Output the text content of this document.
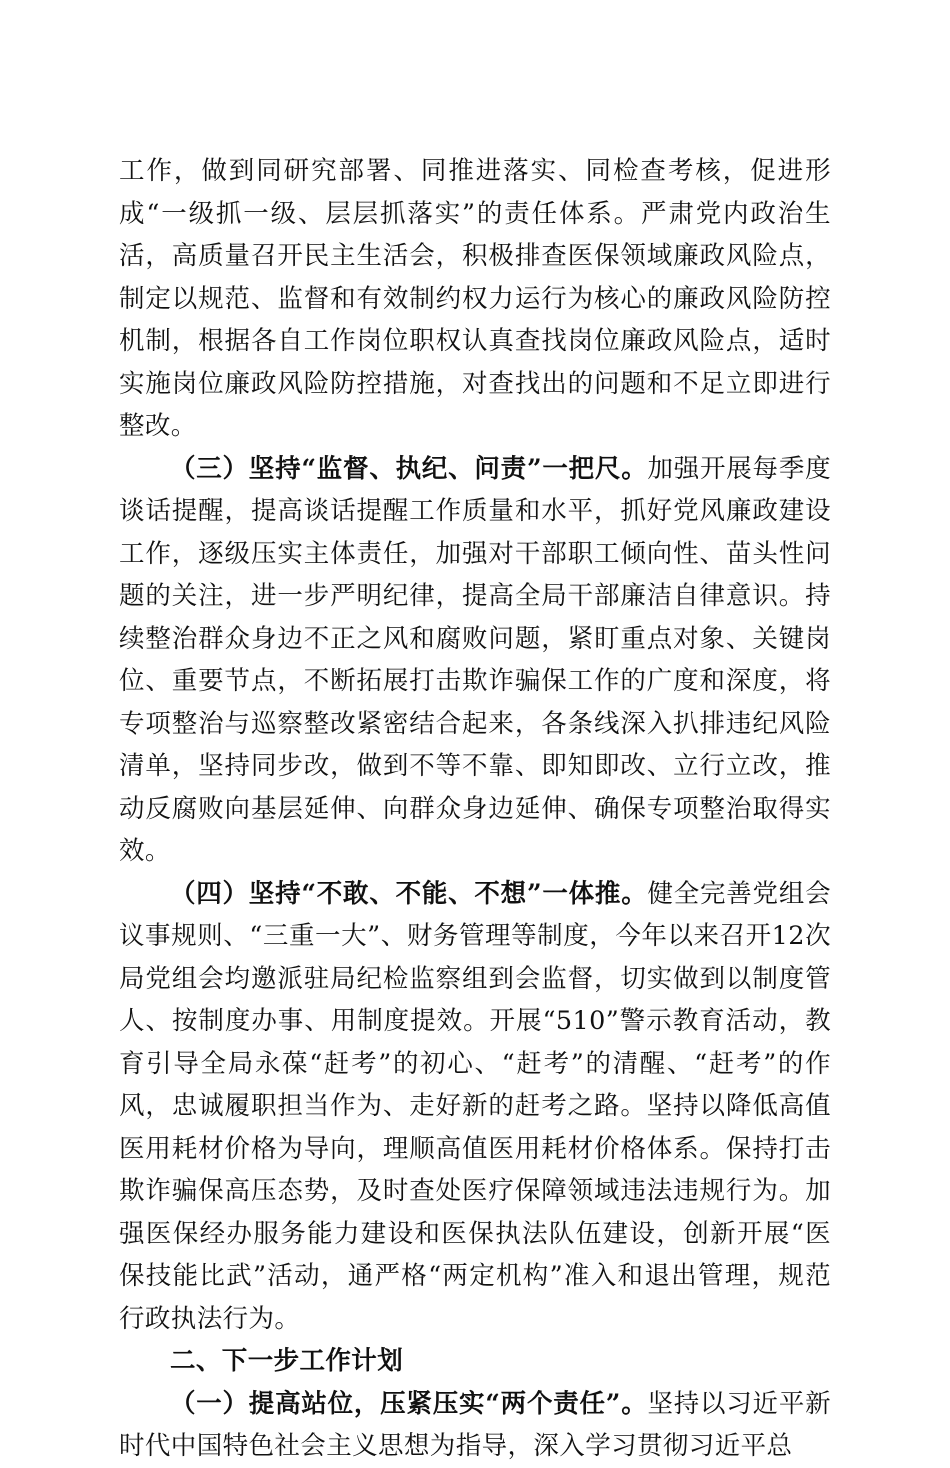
工作，做到同研究部署、同推进落实、同检查考核，促进形成“一级抓一级、层层抓落实”的责任体系。严肃党内政治生活，高质量召开民主生活会，积极排查医保领域廉政风险点，制定以规范、监督和有效制约权力运行为核心的廉政风险防控机制，根据各自工作岗位职权认真查找岗位廉政风险点，适时实施岗位廉政风险防控措施，对查找出的问题和不足立即进行整改。

（三）坚持“监督、执纪、问责”一把尺。加强开展每季度谈话提醒，提高谈话提醒工作质量和水平，抓好党风廉政建设工作，逐级压实主体责任，加强对干部职工倾向性、苗头性问题的关注，进一步严明纪律，提高全局干部廉洁自律意识。持续整治群众身边不正之风和腐败问题，紧盯重点对象、关键岗位、重要节点，不断拓展打击欺诈骗保工作的广度和深度，将专项整治与巡察整改紧密结合起来，各条线深入扒排违纪风险清单，坚持同步改，做到不等不靠、即知即改、立行立改，推动反腐败向基层延伸、向群众身边延伸、确保专项整治取得实效。

（四）坚持“不敢、不能、不想”一体推。健全完善党组会议事规则、“三重一大”、财务管理等制度，今年以来召开12次局党组会均邀派驻局纪检监察组到会监督，切实做到以制度管人、按制度办事、用制度提效。开展“510”警示教育活动，教育引导全局永葆“赶考”的初心、“赶考”的清醒、“赶考”的作风，忠诚履职担当作为、走好新的赶考之路。坚持以降低高值医用耗材价格为导向，理顺高值医用耗材价格体系。保持打击欺诈骗保高压态势，及时查处医疗保障领域违法违规行为。加强医保经办服务能力建设和医保执法队伍建设，创新开展“医保技能比武”活动，通严格“两定机构”准入和退出管理，规范行政执法行为。

二、下一步工作计划

（一）提高站位，压紧压实“两个责任”。坚持以习近平新时代中国特色社会主义思想为指导，深入学习贯彻习近平总
